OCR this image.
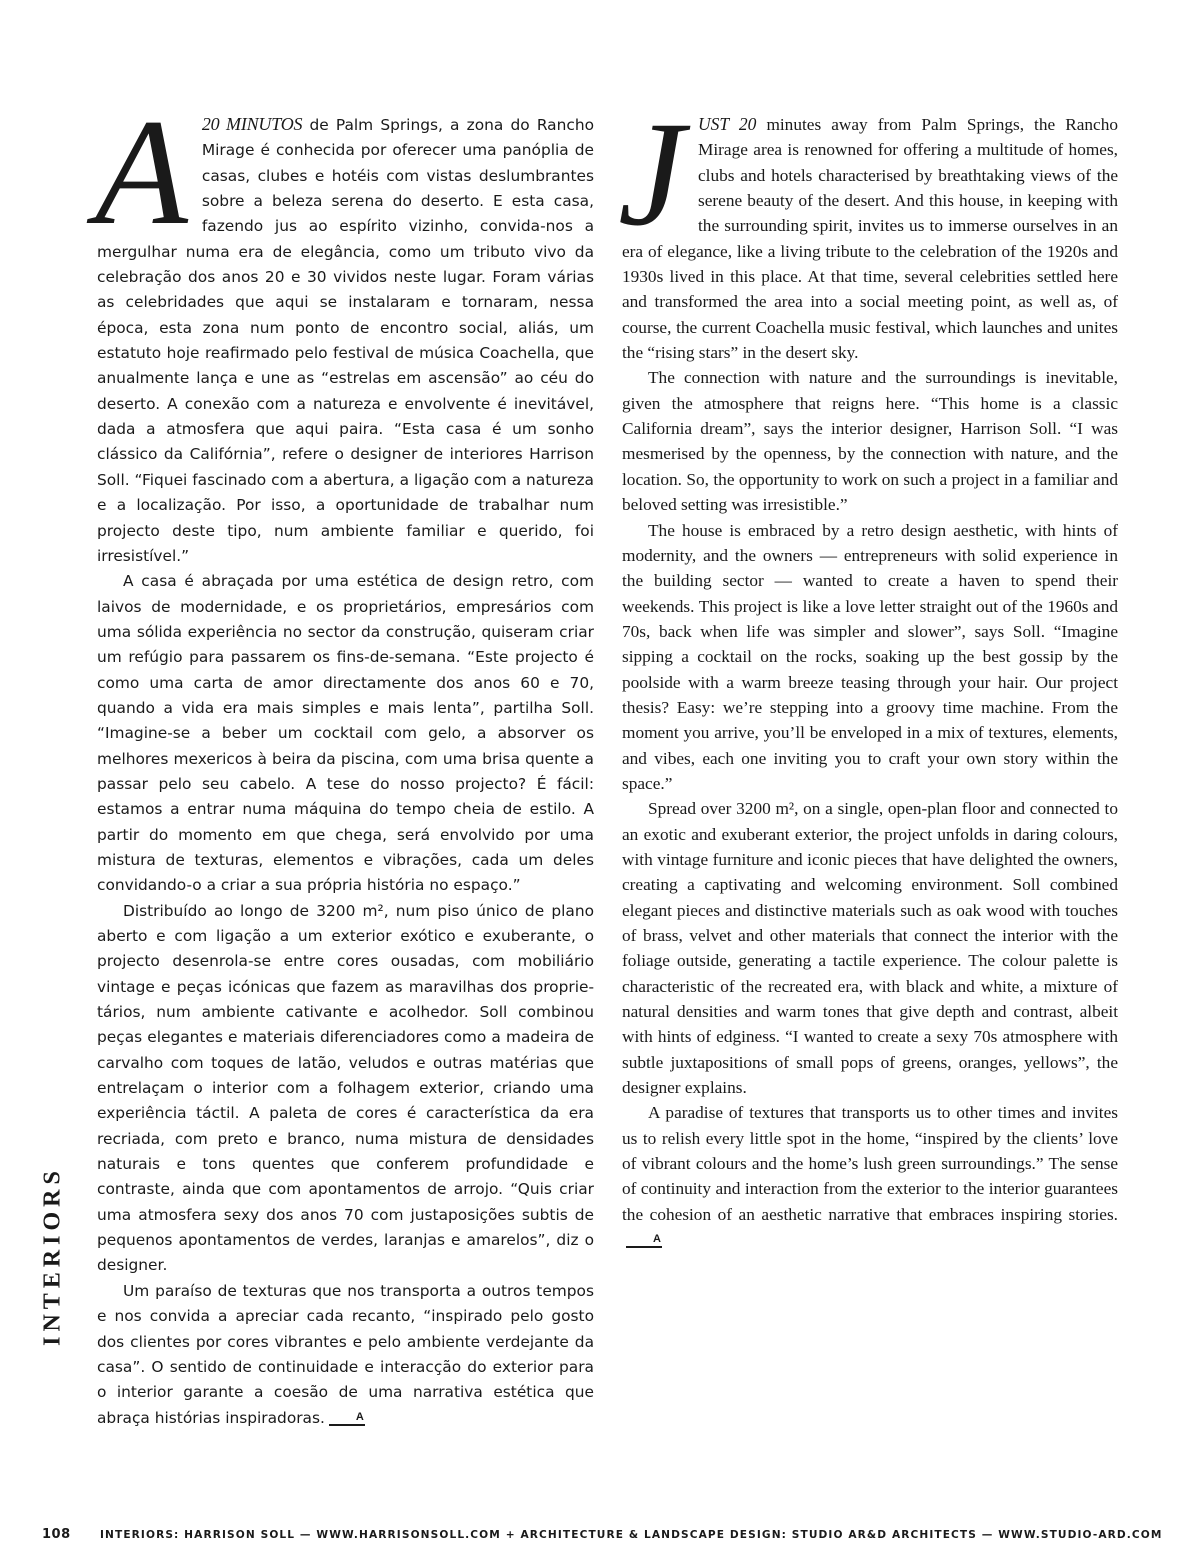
A 20 MINUTOS de Palm Springs, a zona do Rancho Mirage é conhecida por oferecer uma panóplia de casas, clubes e hotéis com vistas deslumbrantes sobre a beleza serena do deserto. E esta casa, fazendo jus ao espírito vizinho, convida-nos a mergulhar numa era de elegância, como um tributo vivo da celebração dos anos 20 e 30 vividos neste lugar. Foram várias as celebridades que aqui se instalaram e tornaram, nessa época, esta zona num ponto de encontro social, aliás, um estatuto hoje reafirmado pelo festival de música Coachella, que anualmente lança e une as “estrelas em ascensão” ao céu do deserto. A conexão com a natureza e envolvente é inevitável, dada a atmosfera que aqui paira. “Esta casa é um sonho clássico da Califórnia”, refere o designer de interiores Harrison Soll. “Fiquei fascinado com a abertura, a ligação com a natureza e a localização. Por isso, a oportunidade de trabalhar num projecto deste tipo, num ambiente familiar e querido, foi irresistível.”

A casa é abraçada por uma estética de design retro, com laivos de modernidade, e os proprietários, empresários com uma sólida experiência no sector da construção, quiseram criar um refúgio para passarem os fins-de-semana. “Este projecto é como uma carta de amor directamente dos anos 60 e 70, quando a vida era mais simples e mais lenta”, partilha Soll. “Imagine-se a beber um cocktail com gelo, a absorver os melhores mexericos à beira da piscina, com uma brisa quente a passar pelo seu cabelo. A tese do nosso projecto? É fácil: estamos a entrar numa máquina do tempo cheia de estilo. A partir do momento em que chega, será envolvido por uma mistura de texturas, elementos e vibrações, cada um deles convidando-o a criar a sua própria história no espaço.”

Distribuído ao longo de 3200 m², num piso único de plano aberto e com ligação a um exterior exótico e exuberante, o projecto desenrola-se entre cores ousadas, com mobiliário vintage e peças icónicas que fazem as maravilhas dos proprietários, num ambiente cativante e acolhedor. Soll combinou peças elegantes e materiais diferenciadores como a madeira de carvalho com toques de latão, veludos e outras matérias que entrelaçam o interior com a folhagem exterior, criando uma experiência táctil. A paleta de cores é característica da era recriada, com preto e branco, numa mistura de densidades naturais e tons quentes que conferem profundidade e contraste, ainda que com apontamentos de arrojo. “Quis criar uma atmosfera sexy dos anos 70 com justaposições subtis de pequenos apontamentos de verdes, laranjas e amarelos”, diz o designer.

Um paraíso de texturas que nos transporta a outros tempos e nos convida a apreciar cada recanto, “inspirado pelo gosto dos clientes por cores vibrantes e pelo ambiente verdejante da casa”. O sentido de continuidade e interacção do exterior para o interior garante a coesão de uma narrativa estética que abraça histórias inspiradoras.	A

JUST 20 minutes away from Palm Springs, the Rancho Mirage area is renowned for offering a multitude of homes, clubs and hotels characterised by breathtaking views of the serene beauty of the desert. And this house, in keeping with the surrounding spirit, invites us to immerse ourselves in an era of elegance, like a living tribute to the celebration of the 1920s and 1930s lived in this place. At that time, several celebrities settled here and transformed the area into a social meeting point, as well as, of course, the current Coachella music festival, which launches and unites the “rising stars” in the desert sky.

The connection with nature and the surroundings is inevitable, given the atmosphere that reigns here. “This home is a classic California dream”, says the interior designer, Harrison Soll. “I was mesmerised by the openness, by the connection with nature, and the location. So, the opportunity to work on such a project in a familiar and beloved setting was irresistible.”

The house is embraced by a retro design aesthetic, with hints of modernity, and the owners — entrepreneurs with solid experience in the building sector — wanted to create a haven to spend their weekends. This project is like a love letter straight out of the 1960s and 70s, back when life was simpler and slower”, says Soll. “Imagine sipping a cocktail on the rocks, soaking up the best gossip by the poolside with a warm breeze teasing through your hair. Our project thesis? Easy: we’re stepping into a groovy time machine. From the moment you arrive, you’ll be enveloped in a mix of textures, elements, and vibes, each one inviting you to craft your own story within the space.”

Spread over 3200 m², on a single, open-plan floor and connected to an exotic and exuberant exterior, the project unfolds in daring colours, with vintage furniture and iconic pieces that have delighted the owners, creating a captivating and welcoming environment. Soll combined elegant pieces and distinctive materials such as oak wood with touches of brass, velvet and other materials that connect the interior with the foliage outside, generating a tactile experience. The colour palette is characteristic of the recreated era, with black and white, a mixture of natural densities and warm tones that give depth and contrast, albeit with hints of edginess. “I wanted to create a sexy 70s atmosphere with subtle juxtapositions of small pops of greens, oranges, yellows”, the designer explains.

A paradise of textures that transports us to other times and invites us to relish every little spot in the home, “inspired by the clients’ love of vibrant colours and the home’s lush green surroundings.” The sense of continuity and interaction from the exterior to the interior guarantees the cohesion of an aesthetic narrative that embraces inspiring stories.A

INTERIORS
108	INTERIORS: HARRISON SOLL — WWW.HARRISONSOLL.COM + ARCHITECTURE & LANDSCAPE DESIGN: STUDIO AR&D ARCHITECTS — WWW.STUDIO-ARD.COM
